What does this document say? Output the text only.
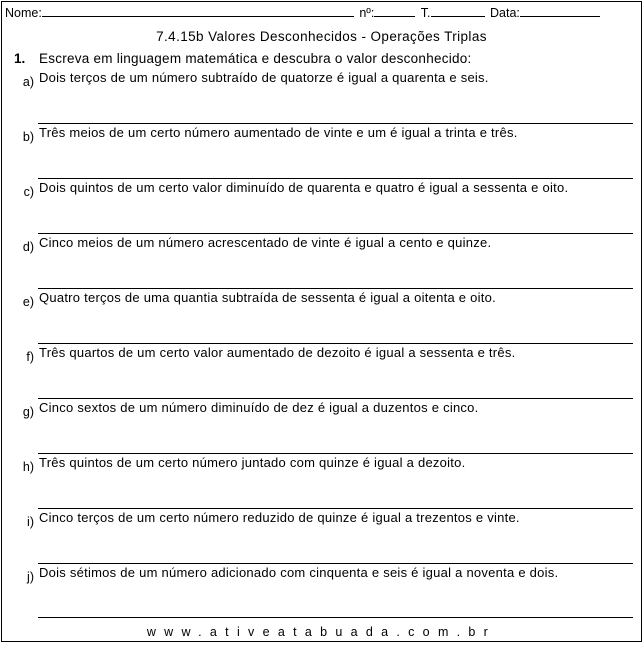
Nome:	nº:	T.	Data:
7.4.15b Valores Desconhecidos - Operações Triplas
1. Escreva em linguagem matemática e descubra o valor desconhecido:
a) Dois terços de um número subtraído de quatorze é igual a quarenta e seis.
b) Três meios de um certo número aumentado de vinte e um é igual a trinta e três.
c) Dois quintos de um certo valor diminuído de quarenta e quatro é igual a sessenta e oito.
d) Cinco meios de um número acrescentado de vinte é igual a cento e quinze.
e) Quatro terços de uma quantia subtraída de sessenta é igual a oitenta e oito.
f) Três quartos de um certo valor aumentado de dezoito é igual a sessenta e três.
g) Cinco sextos de um número diminuído de dez é igual a duzentos e cinco.
h) Três quintos de um certo número juntado com quinze é igual a dezoito.
i) Cinco terços de um certo número reduzido de quinze é igual a trezentos e vinte.
j) Dois sétimos de um número adicionado com cinquenta e seis é igual a noventa e dois.
www.ativeatabuada.com.br
